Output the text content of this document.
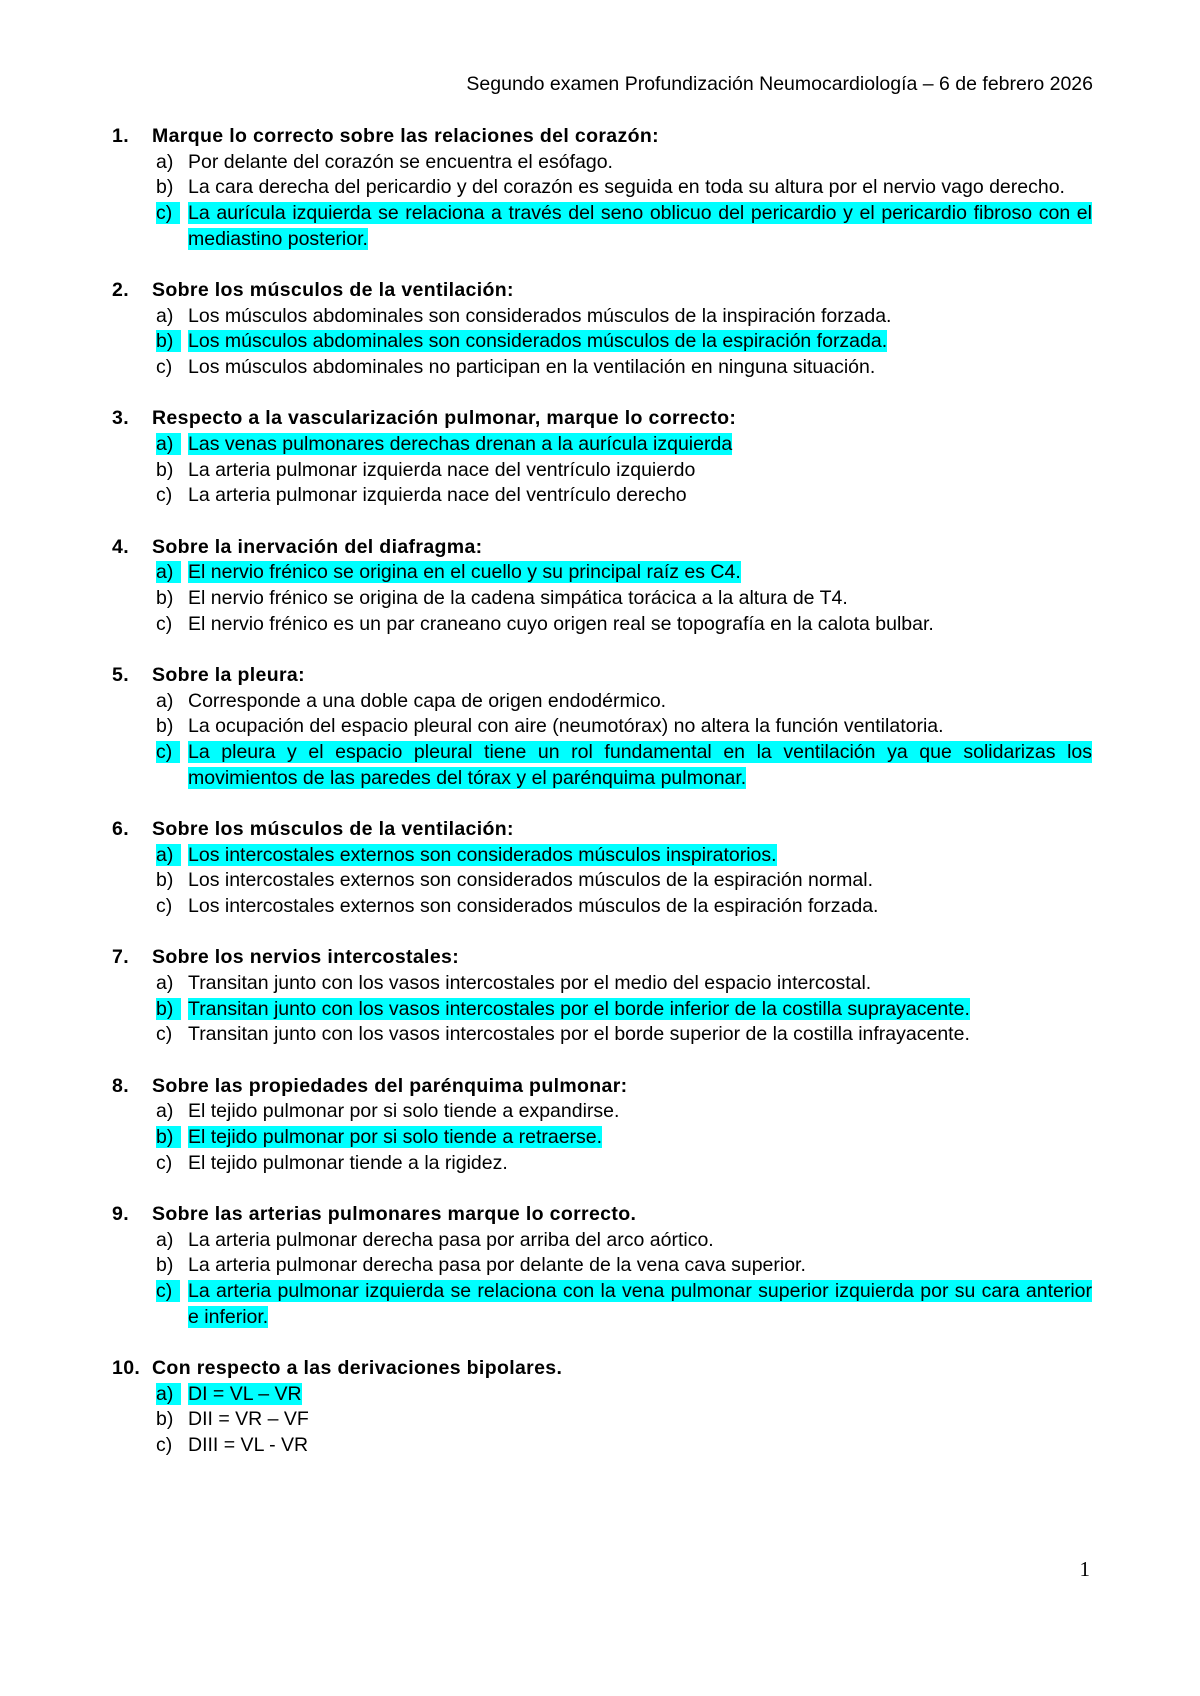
Segundo examen Profundización Neumocardiología – 6 de febrero 2026
1.	Marque lo correcto sobre las relaciones del corazón:
a) Por delante del corazón se encuentra el esófago.
b) La cara derecha del pericardio y del corazón es seguida en toda su altura por el nervio vago derecho.
c) La aurícula izquierda se relaciona a través del seno oblicuo del pericardio y el pericardio fibroso con el mediastino posterior.
2.	Sobre los músculos de la ventilación:
a) Los músculos abdominales son considerados músculos de la inspiración forzada.
b) Los músculos abdominales son considerados músculos de la espiración forzada.
c) Los músculos abdominales no participan en la ventilación en ninguna situación.
3.	Respecto a la vascularización pulmonar, marque lo correcto:
a) Las venas pulmonares derechas drenan a la aurícula izquierda
b) La arteria pulmonar izquierda nace del ventrículo izquierdo
c) La arteria pulmonar izquierda nace del ventrículo derecho
4.	Sobre la inervación del diafragma:
a) El nervio frénico se origina en el cuello y su principal raíz es C4.
b) El nervio frénico se origina de la cadena simpática torácica a la altura de T4.
c) El nervio frénico es un par craneano cuyo origen real se topografía en la calota bulbar.
5.	Sobre la pleura:
a) Corresponde a una doble capa de origen endodérmico.
b) La ocupación del espacio pleural con aire (neumotórax) no altera la función ventilatoria.
c) La pleura y el espacio pleural tiene un rol fundamental en la ventilación ya que solidarizas los movimientos de las paredes del tórax y el parénquima pulmonar.
6.	Sobre los músculos de la ventilación:
a) Los intercostales externos son considerados músculos inspiratorios.
b) Los intercostales externos son considerados músculos de la espiración normal.
c) Los intercostales externos son considerados músculos de la espiración forzada.
7.	Sobre los nervios intercostales:
a) Transitan junto con los vasos intercostales por el medio del espacio intercostal.
b) Transitan junto con los vasos intercostales por el borde inferior de la costilla suprayacente.
c) Transitan junto con los vasos intercostales por el borde superior de la costilla infrayacente.
8.	Sobre las propiedades del parénquima pulmonar:
a) El tejido pulmonar por si solo tiende a expandirse.
b) El tejido pulmonar por si solo tiende a retraerse.
c) El tejido pulmonar tiende a la rigidez.
9.	Sobre las arterias pulmonares marque lo correcto.
a) La arteria pulmonar derecha pasa por arriba del arco aórtico.
b) La arteria pulmonar derecha pasa por delante de la vena cava superior.
c) La arteria pulmonar izquierda se relaciona con la vena pulmonar superior izquierda por su cara anterior e inferior.
10. Con respecto a las derivaciones bipolares.
a) DI = VL – VR
b) DII = VR – VF
c) DIII = VL - VR
1
